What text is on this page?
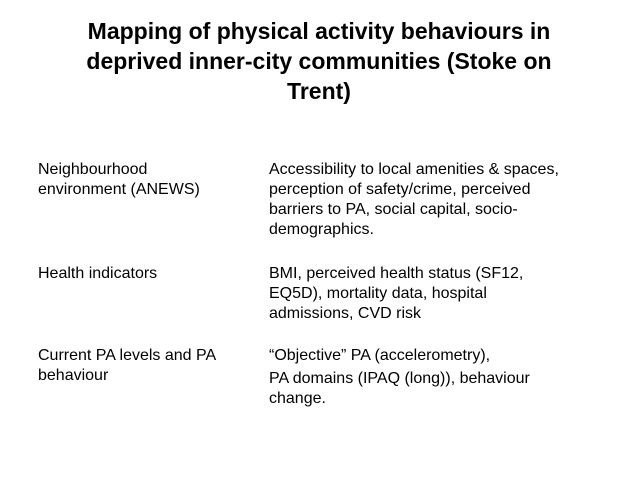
Mapping of physical activity behaviours in
deprived inner-city communities (Stoke on
Trent)
Neighbourhood
environment (ANEWS)
Accessibility to local amenities & spaces,
perception of safety/crime, perceived
barriers to PA, social capital, socio-
demographics.
Health indicators	BMI, perceived health status (SF12,
EQ5D), mortality data, hospital
admissions, CVD risk
Current PA levels and PA
behaviour
“Objective” PA (accelerometry),
PA domains (IPAQ (long)), behaviour
change.
